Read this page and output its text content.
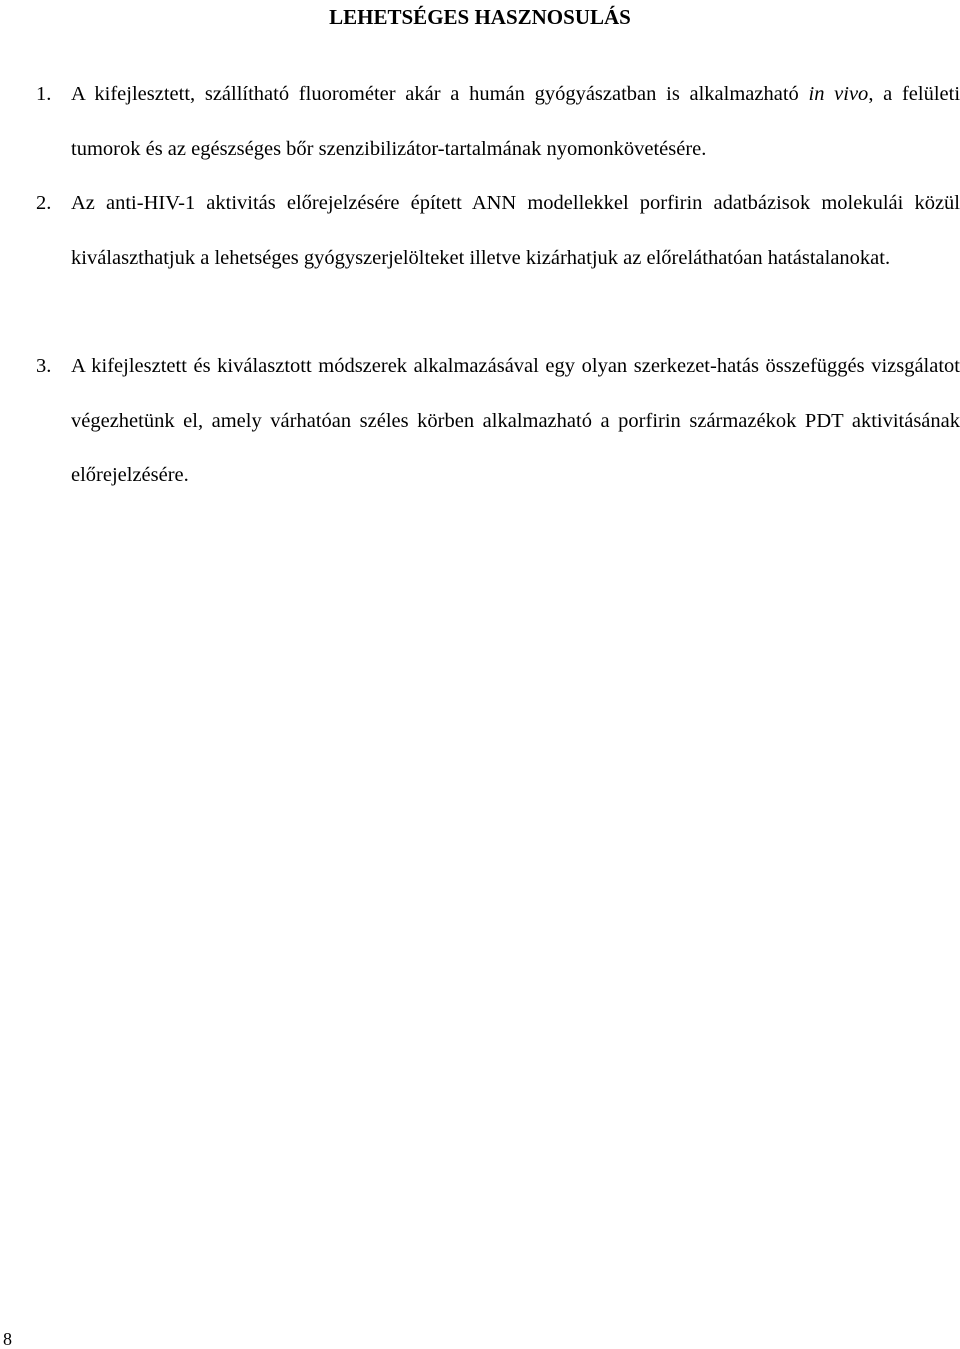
LEHETSÉGES HASZNOSULÁS
1. A kifejlesztett, szállítható fluorométer akár a humán gyógyászatban is alkalmazható in vivo, a felületi tumorok és az egészséges bőr szenzibilizátor-tartalmának nyomonkövetésére.
2. Az anti-HIV-1 aktivitás előrejelzésére épített ANN modellekkel porfirin adatbázisok molekulái közül kiválaszthatjuk a lehetséges gyógyszerjelölteket illetve kizárhatjuk az előreláthatóan hatástalanokat.
3. A kifejlesztett és kiválasztott módszerek alkalmazásával egy olyan szerkezet-hatás összefüggés vizsgálatot végezhetünk el, amely várhatóan széles körben alkalmazható a porfirin származékok PDT aktivitásának előrejelzésére.
8
